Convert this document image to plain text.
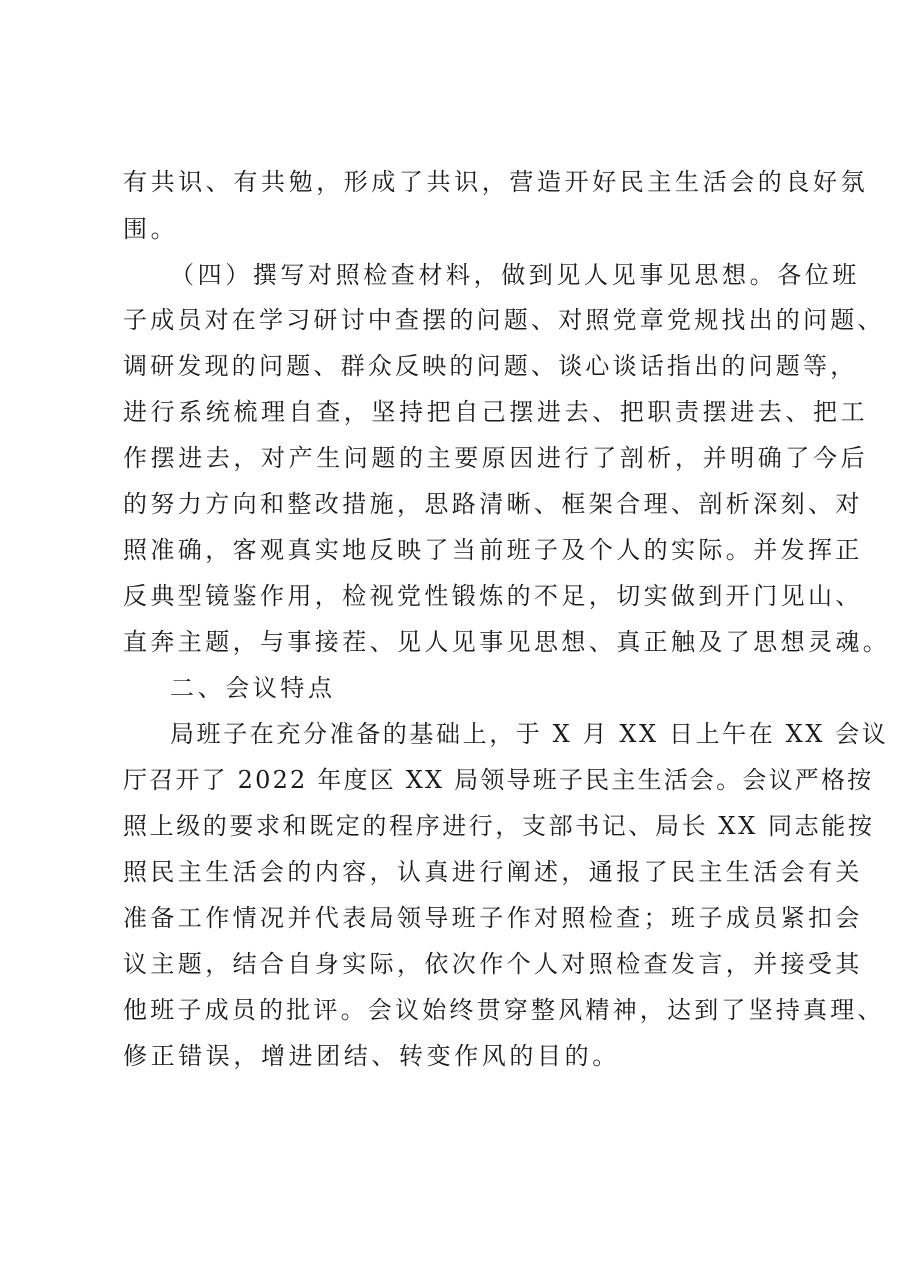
有共识、有共勉，形成了共识，营造开好民主生活会的良好氛
围。
（四）撰写对照检查材料，做到见人见事见思想。各位班
子成员对在学习研讨中查摆的问题、对照党章党规找出的问题、
调研发现的问题、群众反映的问题、谈心谈话指出的问题等，
进行系统梳理自查，坚持把自己摆进去、把职责摆进去、把工
作摆进去，对产生问题的主要原因进行了剖析，并明确了今后
的努力方向和整改措施，思路清晰、框架合理、剖析深刻、对
照准确，客观真实地反映了当前班子及个人的实际。并发挥正
反典型镜鉴作用，检视党性锻炼的不足，切实做到开门见山、
直奔主题，与事接茬、见人见事见思想、真正触及了思想灵魂。
二、会议特点
局班子在充分准备的基础上，于 X 月 XX 日上午在 XX 会议
厅召开了 2022 年度区 XX 局领导班子民主生活会。会议严格按
照上级的要求和既定的程序进行，支部书记、局长 XX 同志能按
照民主生活会的内容，认真进行阐述，通报了民主生活会有关
准备工作情况并代表局领导班子作对照检查；班子成员紧扣会
议主题，结合自身实际，依次作个人对照检查发言，并接受其
他班子成员的批评。会议始终贯穿整风精神，达到了坚持真理、
修正错误，增进团结、转变作风的目的。
